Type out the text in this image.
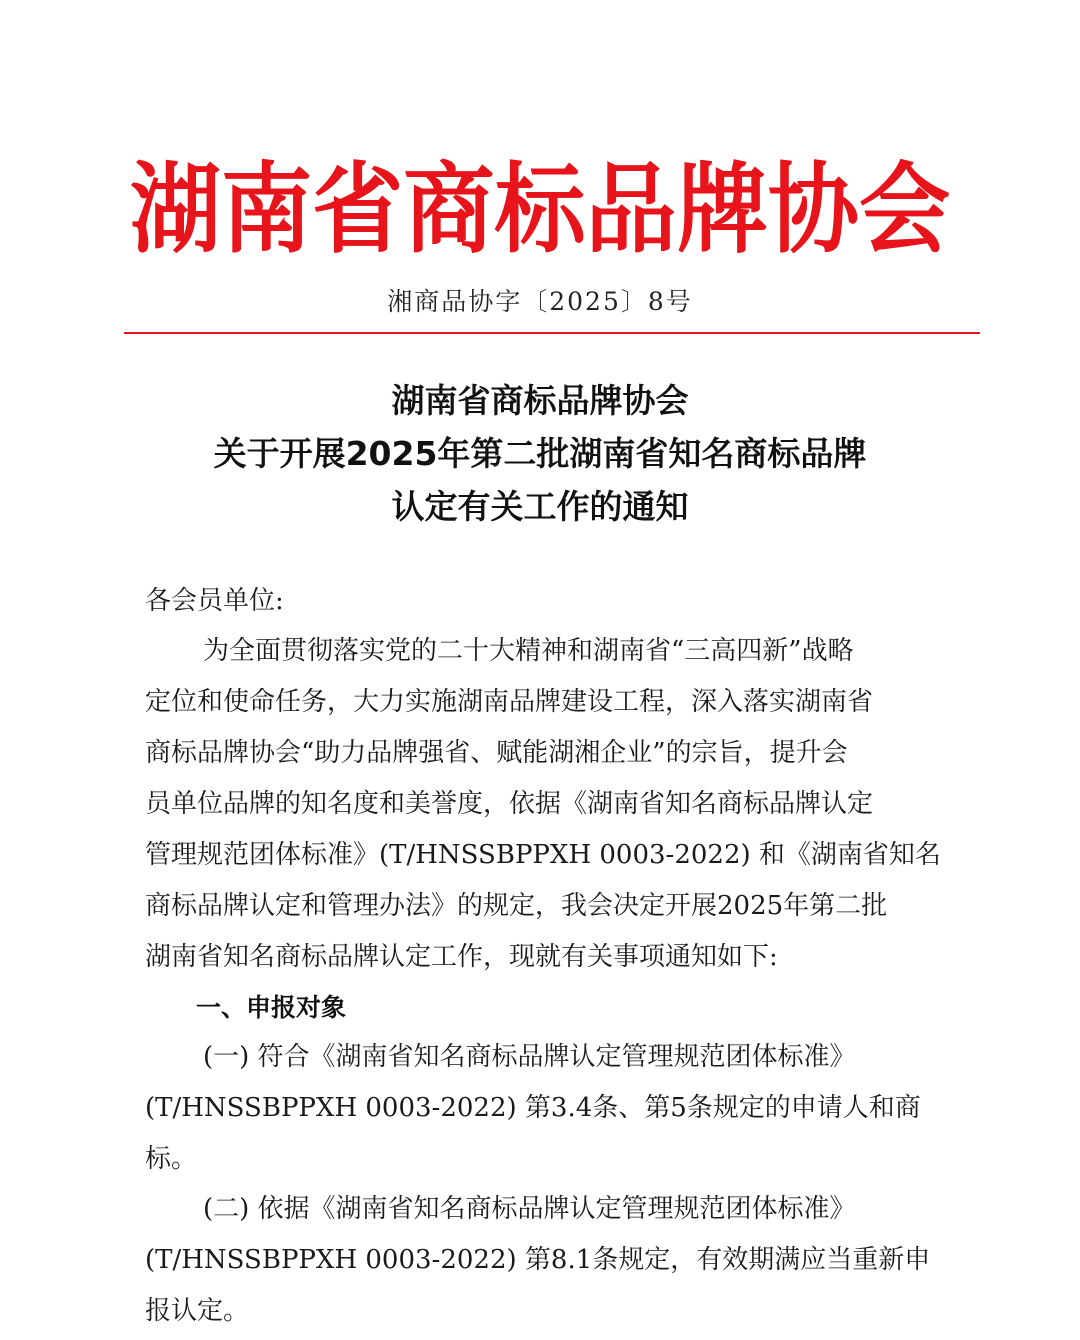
湖南省商标品牌协会
湘商品协字〔2025〕8号
湖南省商标品牌协会
关于开展2025年第二批湖南省知名商标品牌
认定有关工作的通知
各会员单位:
为全面贯彻落实党的二十大精神和湖南省“三高四新”战略
定位和使命任务，大力实施湖南品牌建设工程，深入落实湖南省
商标品牌协会“助力品牌强省、赋能湖湘企业”的宗旨，提升会
员单位品牌的知名度和美誉度，依据《湖南省知名商标品牌认定
管理规范团体标准》(T/HNSSBPPXH 0003-2022) 和《湖南省知名
商标品牌认定和管理办法》的规定，我会决定开展2025年第二批
湖南省知名商标品牌认定工作，现就有关事项通知如下:
一、申报对象
(一) 符合《湖南省知名商标品牌认定管理规范团体标准》
(T/HNSSBPPXH 0003-2022) 第3.4条、第5条规定的申请人和商
标。
(二) 依据《湖南省知名商标品牌认定管理规范团体标准》
(T/HNSSBPPXH 0003-2022) 第8.1条规定，有效期满应当重新申
报认定。
